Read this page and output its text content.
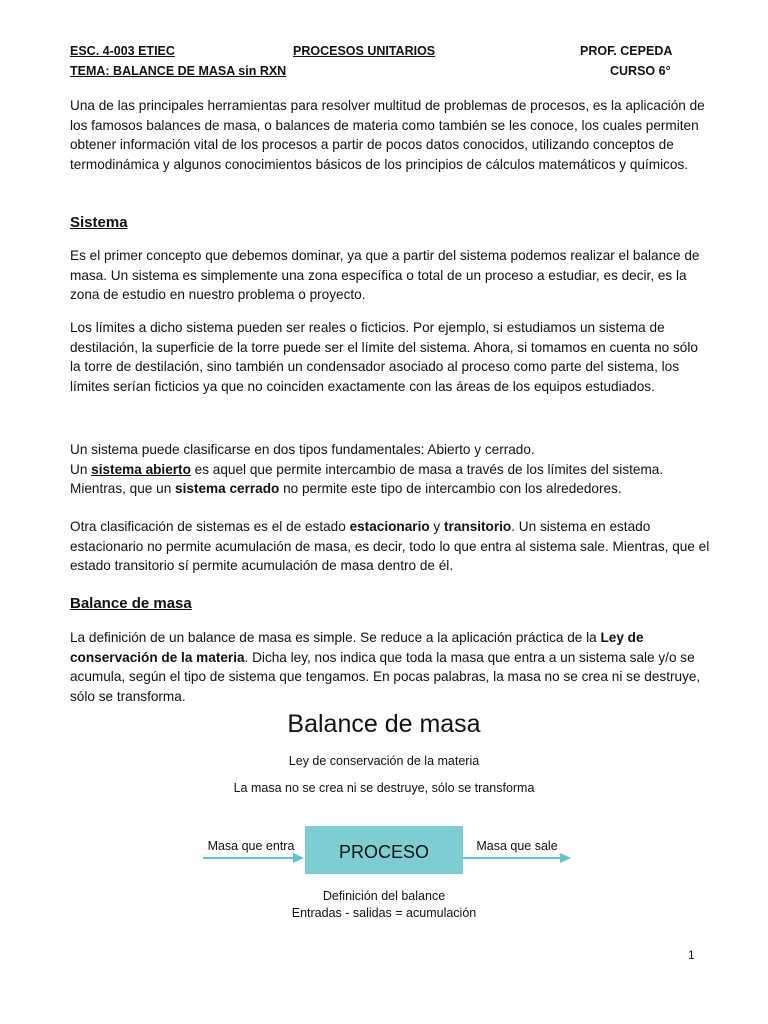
ESC. 4-003 ETIEC	PROCESOS UNITARIOS	PROF. CEPEDA
TEMA: BALANCE DE MASA sin RXN	CURSO 6°

Una de las principales herramientas para resolver multitud de problemas de procesos, es la aplicación de los famosos balances de masa, o balances de materia como también se les conoce, los cuales permiten obtener información vital de los procesos a partir de pocos datos conocidos, utilizando conceptos de termodinámica y algunos conocimientos básicos de los principios de cálculos matemáticos y químicos.

Sistema

Es el primer concepto que debemos dominar, ya que a partir del sistema podemos realizar el balance de masa. Un sistema es simplemente una zona específica o total de un proceso a estudiar, es decir, es la zona de estudio en nuestro problema o proyecto.

Los límites a dicho sistema pueden ser reales o ficticios. Por ejemplo, si estudiamos un sistema de destilación, la superficie de la torre puede ser el límite del sistema. Ahora, si tomamos en cuenta no sólo la torre de destilación, sino también un condensador asociado al proceso como parte del sistema, los límites serían ficticios ya que no coinciden exactamente con las áreas de los equipos estudiados.

Un sistema puede clasificarse en dos tipos fundamentales: Abierto y cerrado.
Un sistema abierto es aquel que permite intercambio de masa a través de los límites del sistema. Mientras, que un sistema cerrado no permite este tipo de intercambio con los alrededores.

Otra clasificación de sistemas es el de estado estacionario y transitorio. Un sistema en estado estacionario no permite acumulación de masa, es decir, todo lo que entra al sistema sale. Mientras, que el estado transitorio sí permite acumulación de masa dentro de él.

Balance de masa

La definición de un balance de masa es simple. Se reduce a la aplicación práctica de la Ley de conservación de la materia. Dicha ley, nos indica que toda la masa que entra a un sistema sale y/o se acumula, según el tipo de sistema que tengamos. En pocas palabras, la masa no se crea ni se destruye, sólo se transforma.

Balance de masa
Ley de conservación de la materia
La masa no se crea ni se destruye, sólo se transforma
Masa que entra PROCESO	Masa que sale
Definición del balance
Entradas - salidas = acumulación
1
